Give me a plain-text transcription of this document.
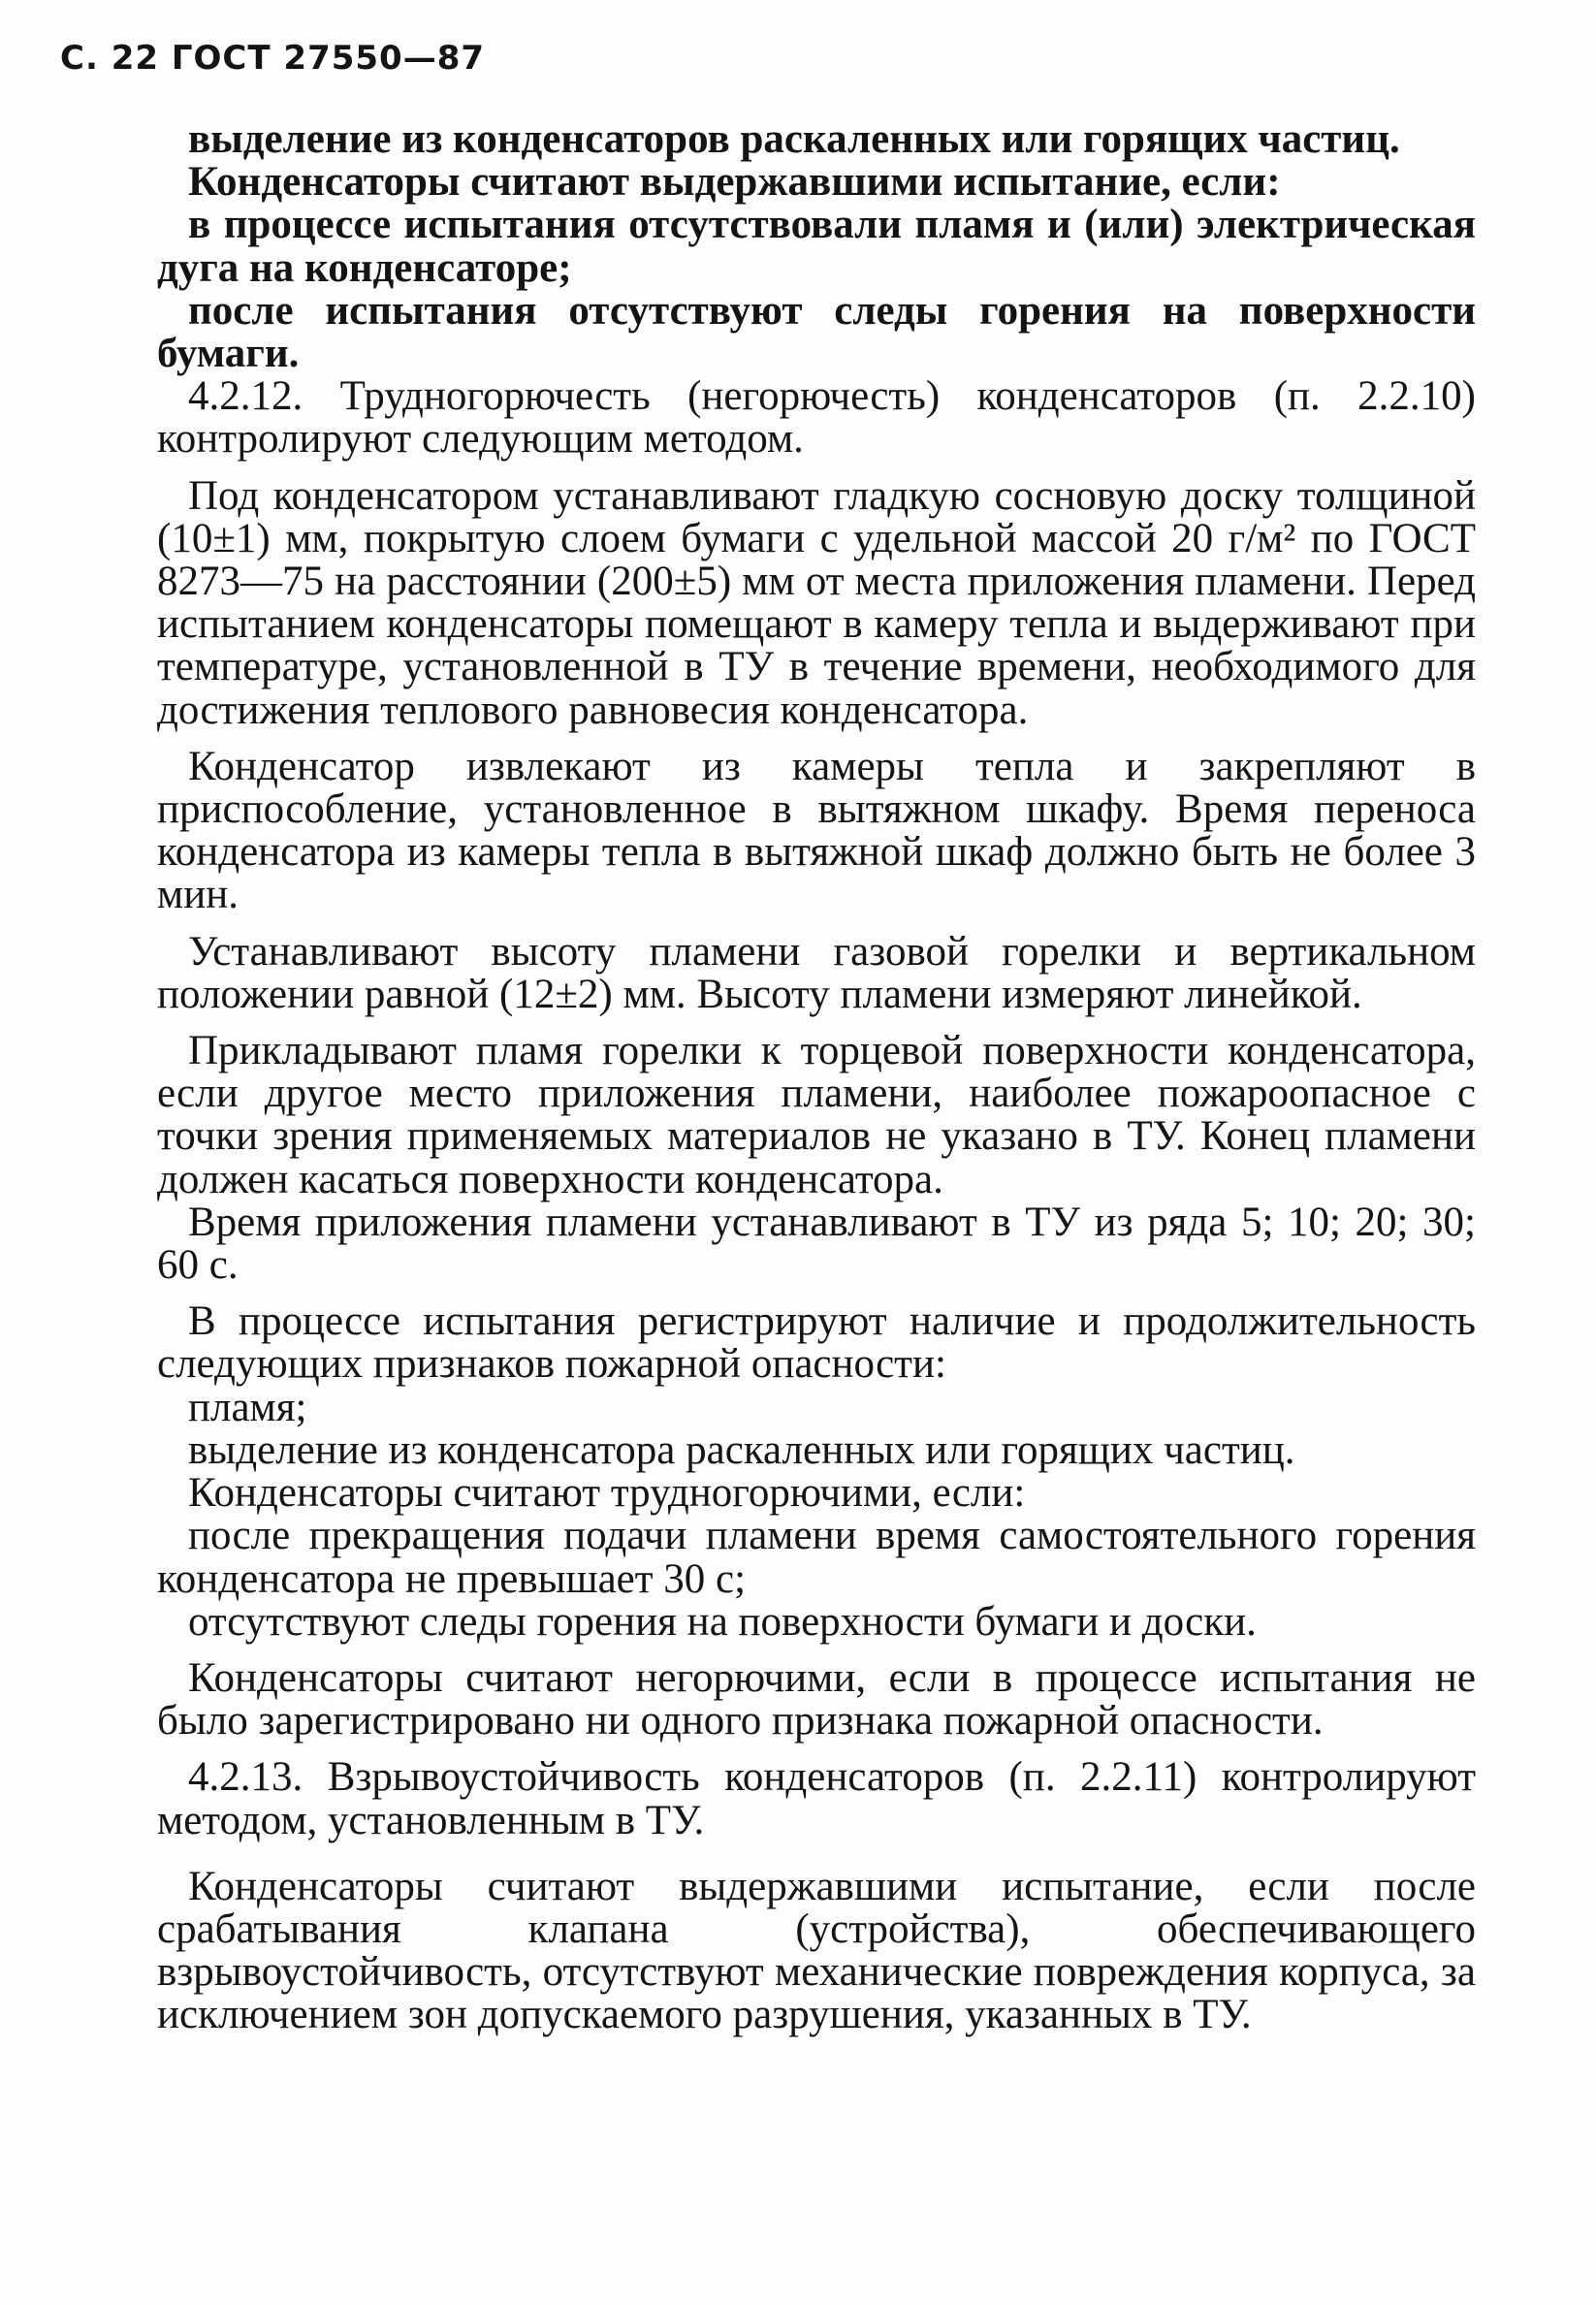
С. 22 ГОСТ 27550—87

выделение из конденсаторов раскаленных или горящих частиц.

Конденсаторы считают выдержавшими испытание, если:

в процессе испытания отсутствовали пламя и (или) электрическая дуга на конденсаторе;

после испытания отсутствуют следы горения на поверхности бумаги.

4.2.12. Трудногорючесть (негорючесть) конденсаторов (п. 2.2.10) контролируют следующим методом.

Под конденсатором устанавливают гладкую сосновую доску толщиной (10±1) мм, покрытую слоем бумаги с удельной массой 20 г/м² по ГОСТ 8273—75 на расстоянии (200±5) мм от места приложения пламени. Перед испытанием конденсаторы помещают в камеру тепла и выдерживают при температуре, установленной в ТУ в течение времени, необходимого для достижения теплового равновесия конденсатора.

Конденсатор извлекают из камеры тепла и закрепляют в приспособление, установленное в вытяжном шкафу. Время переноса конденсатора из камеры тепла в вытяжной шкаф должно быть не более 3 мин.

Устанавливают высоту пламени газовой горелки и вертикальном положении равной (12±2) мм. Высоту пламени измеряют линейкой.

Прикладывают пламя горелки к торцевой поверхности конденсатора, если другое место приложения пламени, наиболее пожароопасное с точки зрения применяемых материалов не указано в ТУ. Конец пламени должен касаться поверхности конденсатора.

Время приложения пламени устанавливают в ТУ из ряда 5; 10; 20; 30; 60 с.

В процессе испытания регистрируют наличие и продолжительность следующих признаков пожарной опасности:

пламя;

выделение из конденсатора раскаленных или горящих частиц.

Конденсаторы считают трудногорючими, если:

после прекращения подачи пламени время самостоятельного горения конденсатора не превышает 30 с;

отсутствуют следы горения на поверхности бумаги и доски.

Конденсаторы считают негорючими, если в процессе испытания не было зарегистрировано ни одного признака пожарной опасности.

4.2.13. Взрывоустойчивость конденсаторов (п. 2.2.11) контролируют методом, установленным в ТУ.

Конденсаторы считают выдержавшими испытание, если после срабатывания клапана (устройства), обеспечивающего взрывоустойчивость, отсутствуют механические повреждения корпуса, за исключением зон допускаемого разрушения, указанных в ТУ.
